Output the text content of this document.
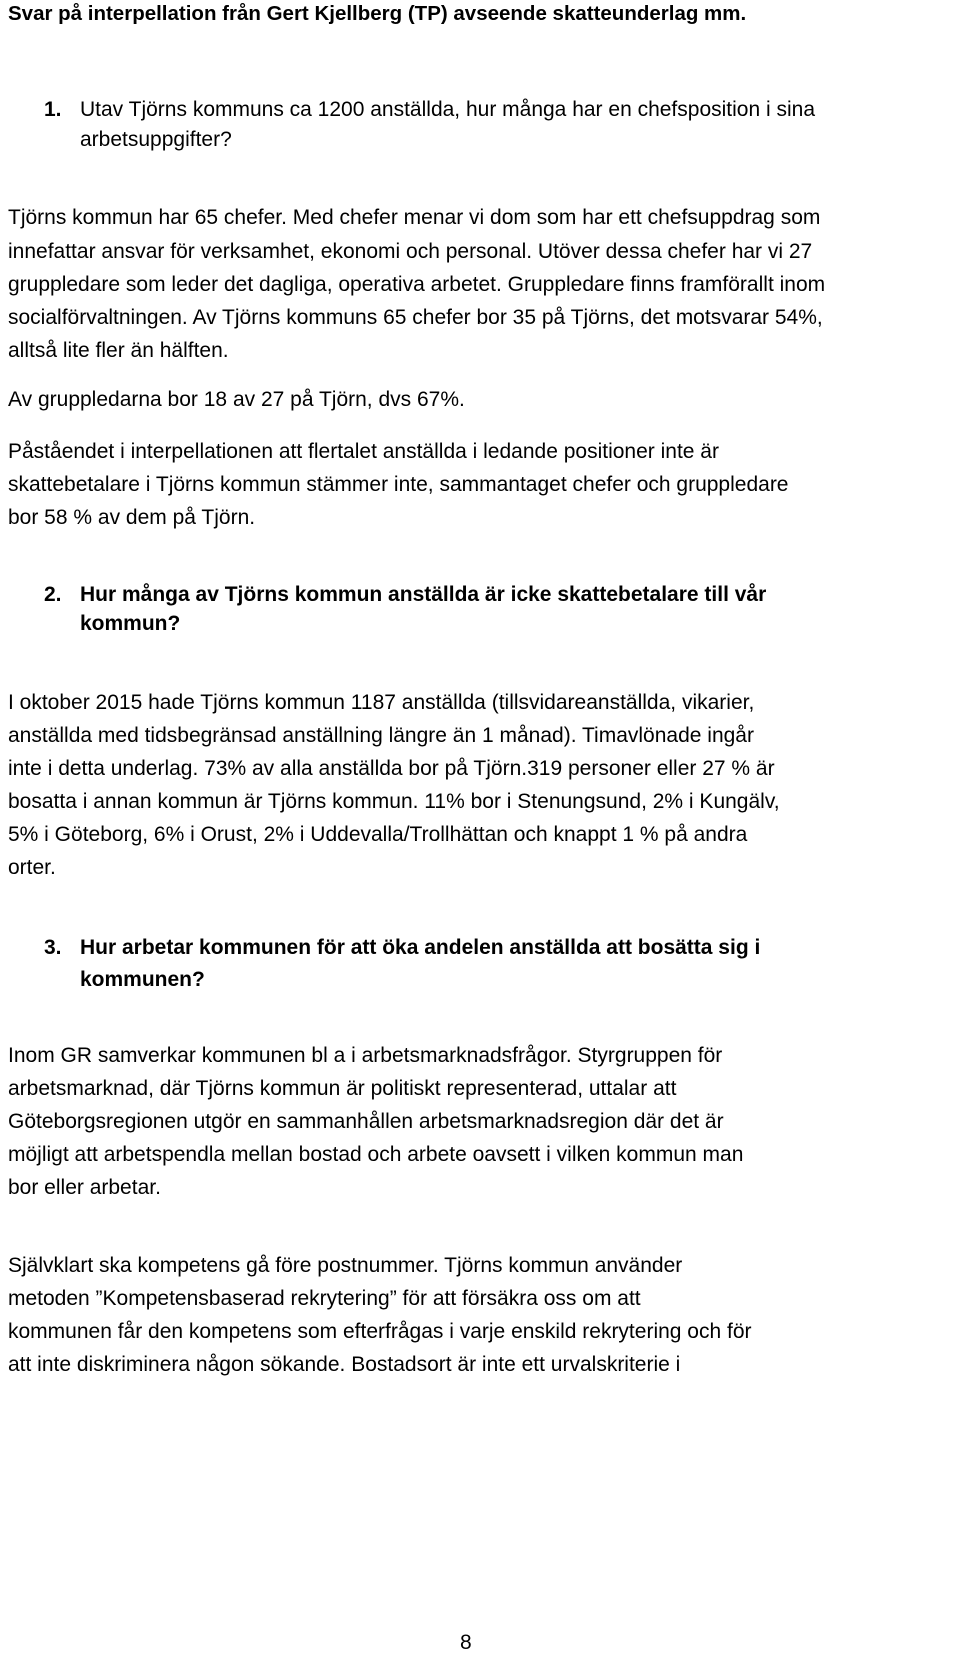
Svar på interpellation från Gert Kjellberg (TP) avseende skatteunderlag mm.

1. Utav Tjörns kommuns ca 1200 anställda, hur många har en chefsposition i sina

arbetsuppgifter?

Tjörns kommun har 65 chefer. Med chefer menar vi dom som har ett chefsuppdrag som

innefattar ansvar för verksamhet, ekonomi och personal. Utöver dessa chefer har vi 27

gruppledare som leder det dagliga, operativa arbetet. Gruppledare finns framförallt inom

socialförvaltningen. Av Tjörns kommuns 65 chefer bor 35 på Tjörns, det motsvarar 54%,

alltså lite fler än hälften.

Av gruppledarna bor 18 av 27 på Tjörn, dvs 67%.

Påståendet i interpellationen att flertalet anställda i ledande positioner inte är

skattebetalare i Tjörns kommun stämmer inte, sammantaget chefer och gruppledare

bor 58 % av dem på Tjörn.

2. Hur många av Tjörns kommun anställda är icke skattebetalare till vår

kommun?

I oktober 2015 hade Tjörns kommun 1187 anställda (tillsvidareanställda, vikarier,

anställda med tidsbegränsad anställning längre än 1 månad). Timavlönade ingår

inte i detta underlag. 73% av alla anställda bor på Tjörn.319 personer eller 27 % är

bosatta i annan kommun är Tjörns kommun. 11% bor i Stenungsund, 2% i Kungälv,

5% i Göteborg, 6% i Orust, 2% i Uddevalla/Trollhättan och knappt 1 % på andra

orter.

3. Hur arbetar kommunen för att öka andelen anställda att bosätta sig i

kommunen?

Inom GR samverkar kommunen bl a i arbetsmarknadsfrågor. Styrgruppen för

arbetsmarknad, där Tjörns kommun är politiskt representerad, uttalar att

Göteborgsregionen utgör en sammanhållen arbetsmarknadsregion där det är

möjligt att arbetspendla mellan bostad och arbete oavsett i vilken kommun man

bor eller arbetar.

Självklart ska kompetens gå före postnummer. Tjörns kommun använder

metoden ”Kompetensbaserad rekrytering” för att försäkra oss om att

kommunen får den kompetens som efterfrågas i varje enskild rekrytering och för

att inte diskriminera någon sökande. Bostadsort är inte ett urvalskriterie i

8
